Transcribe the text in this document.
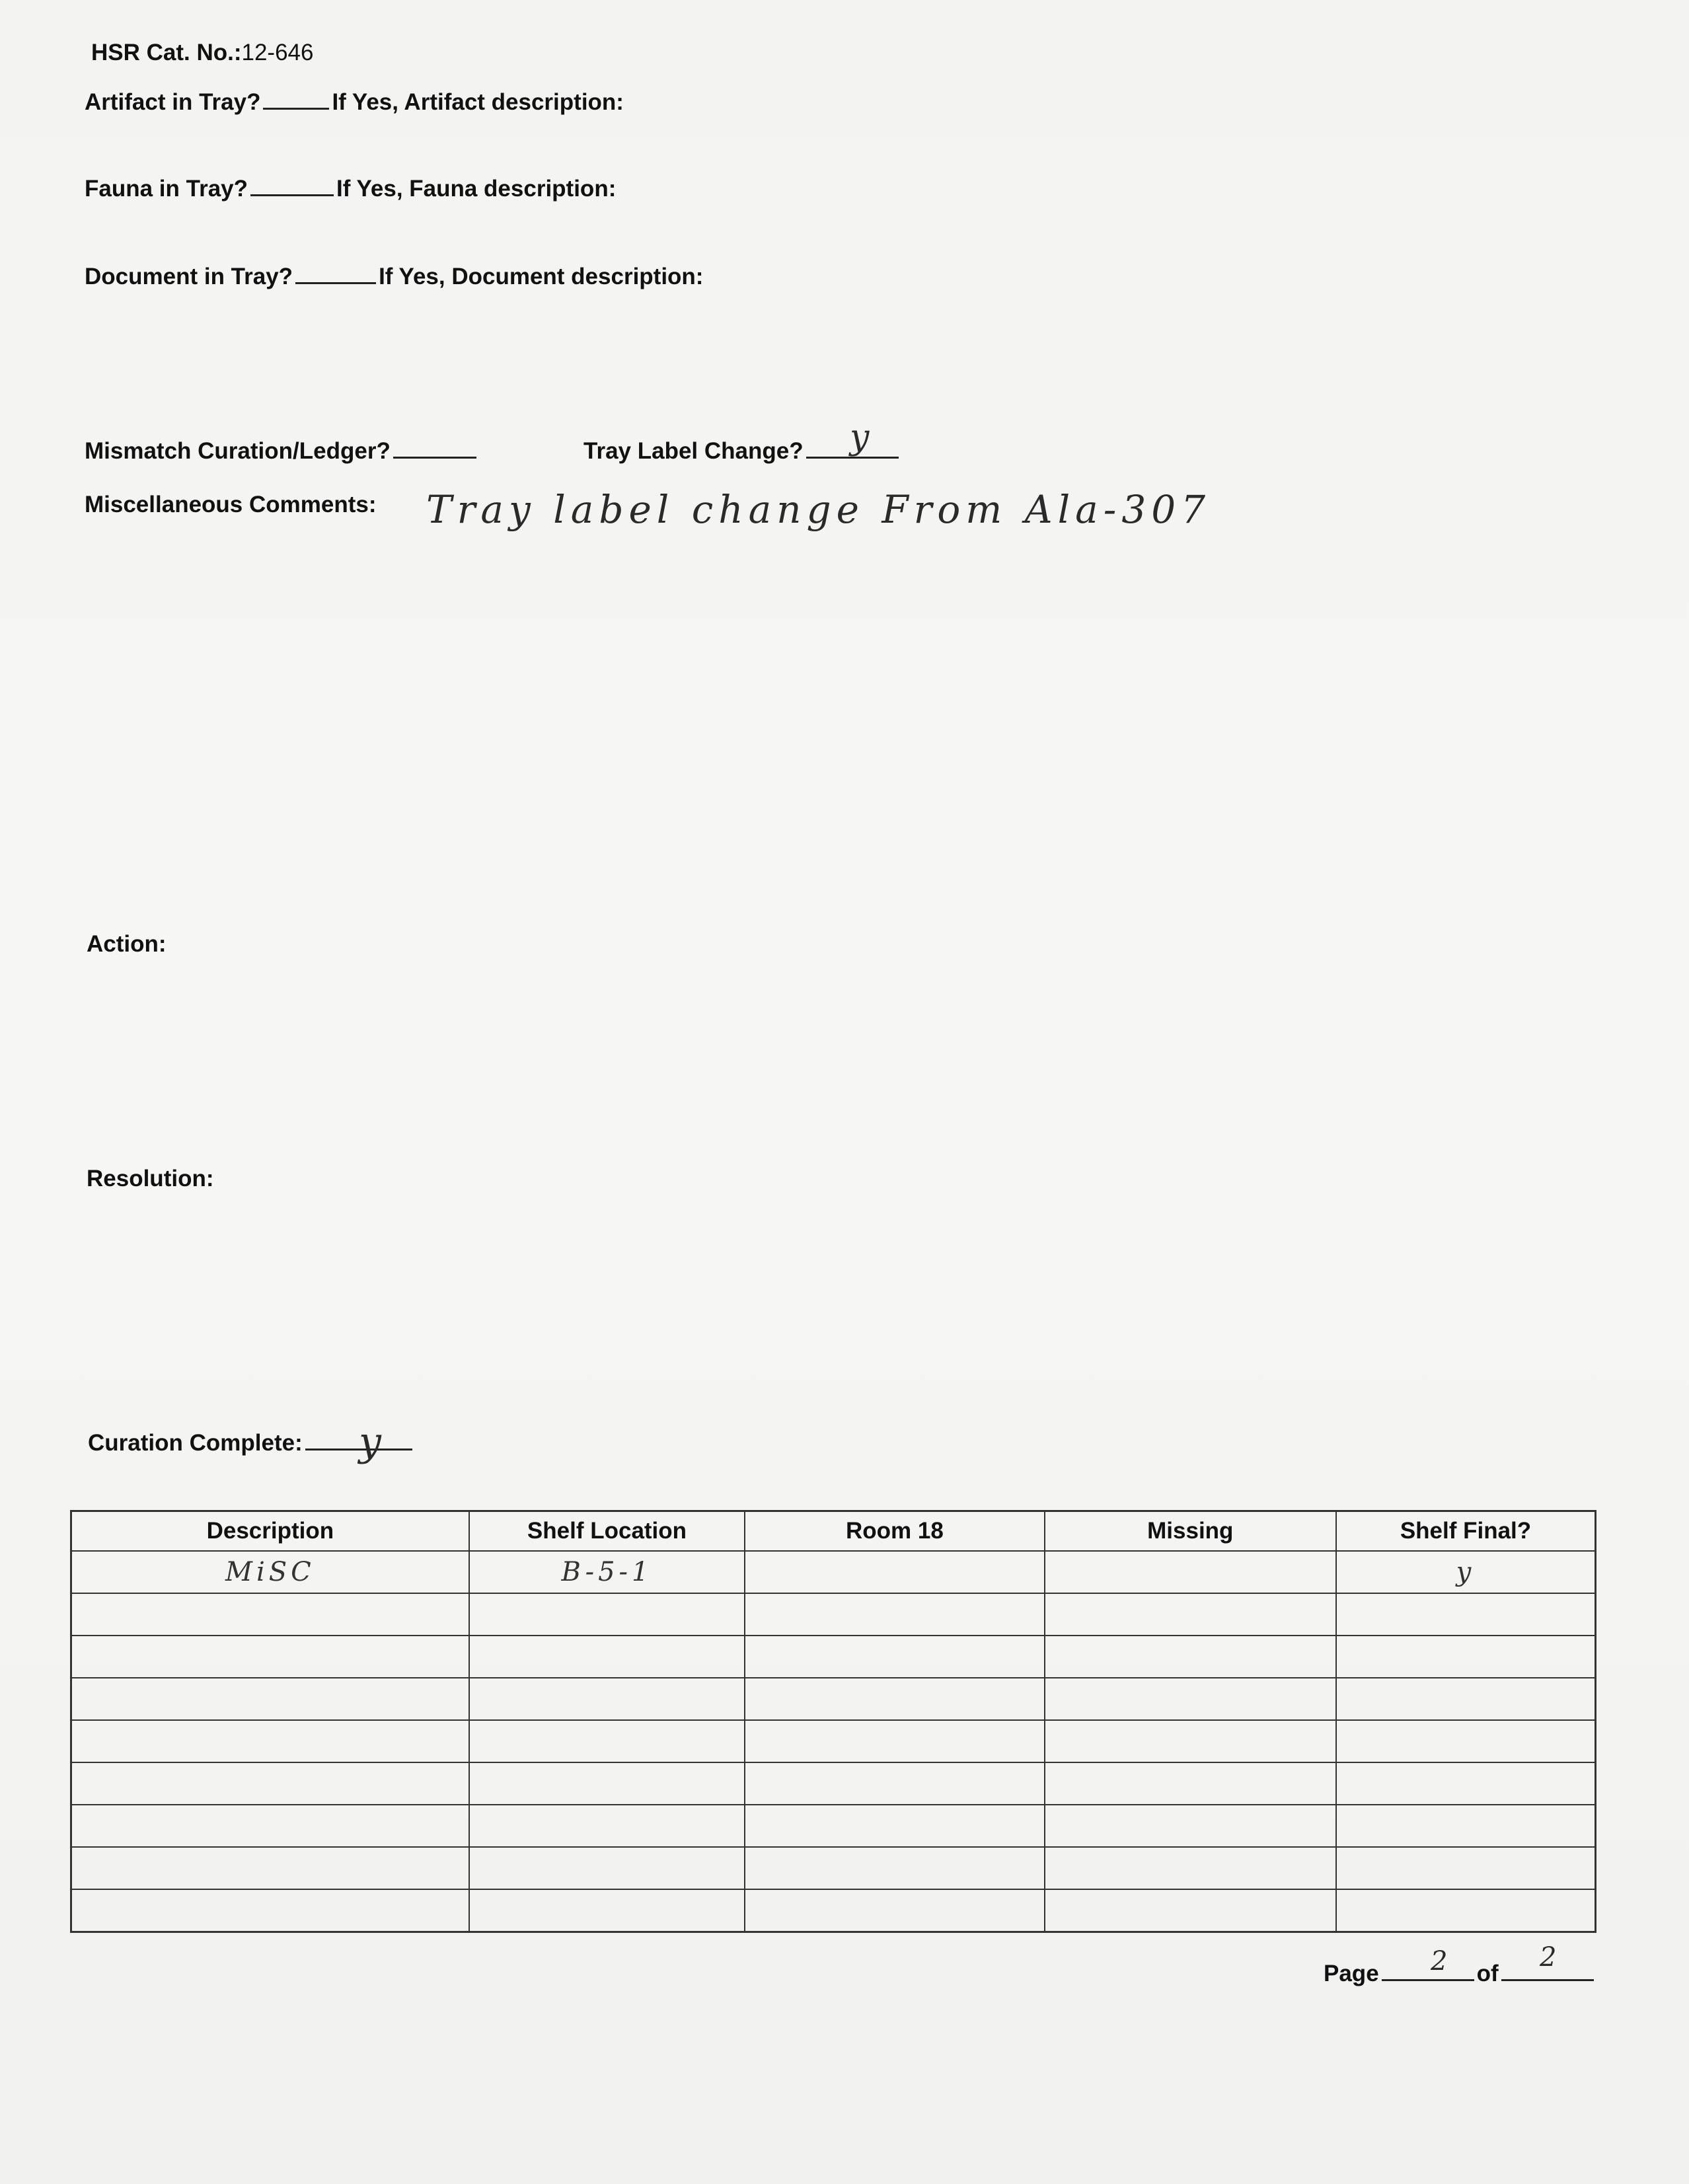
HSR Cat. No.:12-646
Artifact in Tray?	If Yes, Artifact description:
Fauna in Tray?	If Yes, Fauna description:
Document in Tray?	If Yes, Document description:
Mismatch Curation/Ledger?	Tray Label Change?	y
Miscellaneous Comments: Tray label change From Ala-307
Action:
Resolution:
Curation Complete:	y
Description	Shelf Location	Room 18	Missing	Shelf Final?
MiSC	B-5-1			y

Page	of
2	2
